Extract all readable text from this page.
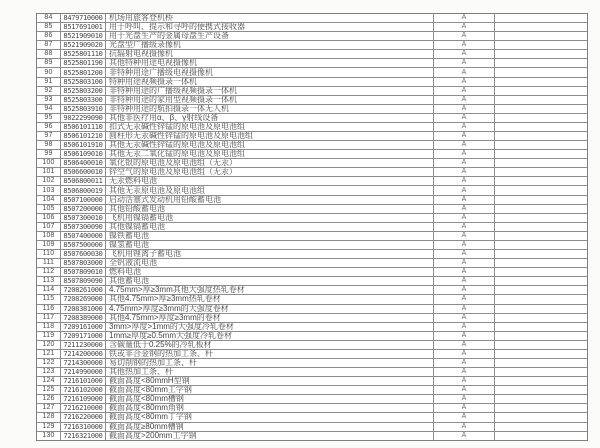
84	8479710000 机场用旅客登机桥	A
85	8517691001 用于呼叫、提示和寻呼的便携式接收器	A
86	8521909010 用于光盘生产的金属母盘生产设备	A
87	8521909020 光盘型广播级录像机	A
88	8525801110 抗辐射电视摄像机	A
89	8525801190 其他特种用途电视摄像机	A
90	8525801200 非特种用途广播级电视摄像机	A
91	8525803100 特种用途视频摄录一体机	A
92	8525803200 非特种用途的广播级视频摄录一体机	A
93	8525803300 非特种用途的家用型视频摄录一体机	A
94	8525803910 非特种用途的航拍摄录一体无人机	A
95	9022299090 其他非医疗用α、β、γ射线设备	A
96	8506101110 扣式无汞碱性锌锰的原电池及原电池组	A
97	8506101210 圆柱形无汞碱性锌锰的原电池及原电池组	A
98	8506101910 其他无汞碱性锌锰的原电池及原电池组	A
99	8506109010 其他无汞二氧化锰的原电池及原电池组	A
100	8506400010 氧化银的原电池及原电池组（无汞）	A
101	8506600010 锌空气的原电池及原电池组（无汞）	A
102	8506800011 无汞燃料电池	A
103	8506800019 其他无汞原电池及原电池组	A
104	8507100000 启动活塞式发动机用铅酸蓄电池	A
105	8507200000 其他铅酸蓄电池	A
106	8507300010 飞机用镍镉蓄电池	A
107	8507300090 其他镍镉蓄电池	A
108	8507400000 镍铁蓄电池	A
109	8507500000 镍氢蓄电池	A
110	8507600030 飞机用锂离子蓄电池	A
111	8507803000 全钒液流电池	A
112	8507809010 燃料电池	A
113	8507809090 其他蓄电池	A
114	7208261000 4.75mm>厚≥3mm其他大强度热轧卷材	A
115	7208269000 其他4.75mm>厚≥3mm热轧卷材	A
116	7208381000 4.75mm>厚度≥3mm的大强度卷材	A
117	7208389000 其他4.75mm>厚度≥3mm的卷材	A
118	7209161000 3mm>厚度>1mm的大强度冷轧卷材	A
119	7209171000 1mm≥厚度≥0.5mm大强度冷轧卷材	A
120	7211230000 含碳量低于0.25%的冷轧板材	A
121	7214200000 铁或非合金钢的热加工条、杆	A
122	7214300000 易切削钢的热加工条、杆	A
123	7214990000 其他热加工条、杆	A
124	7216101000 截面高度<80mmH型钢	A
125	7216102000 截面高度<80mm工字钢	A
126	7216109000 截面高度<80mm槽钢	A
127	7216210000 截面高度<80mm角钢	A
128	7216220000 截面高度<80mm丁字钢	A
129	7216310000 截面高度≥80mm槽钢	A
130	7216321000 截面高度>200mm工字钢	A
